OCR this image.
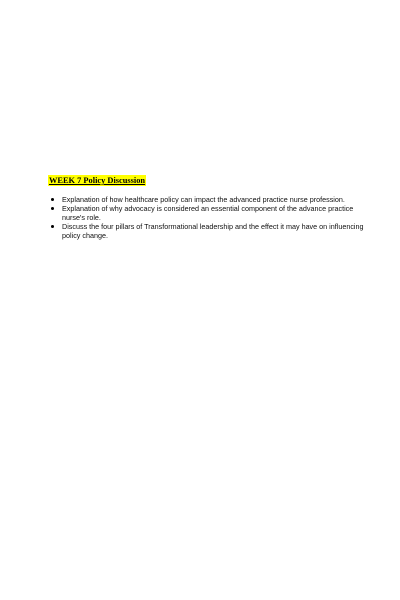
WEEK 7 Policy Discussion
Explanation of how healthcare policy can impact the advanced practice nurse profession.
Explanation of why advocacy is considered an essential component of the advance practice nurse's role.
Discuss the four pillars of Transformational leadership and the effect it may have on influencing policy change.
